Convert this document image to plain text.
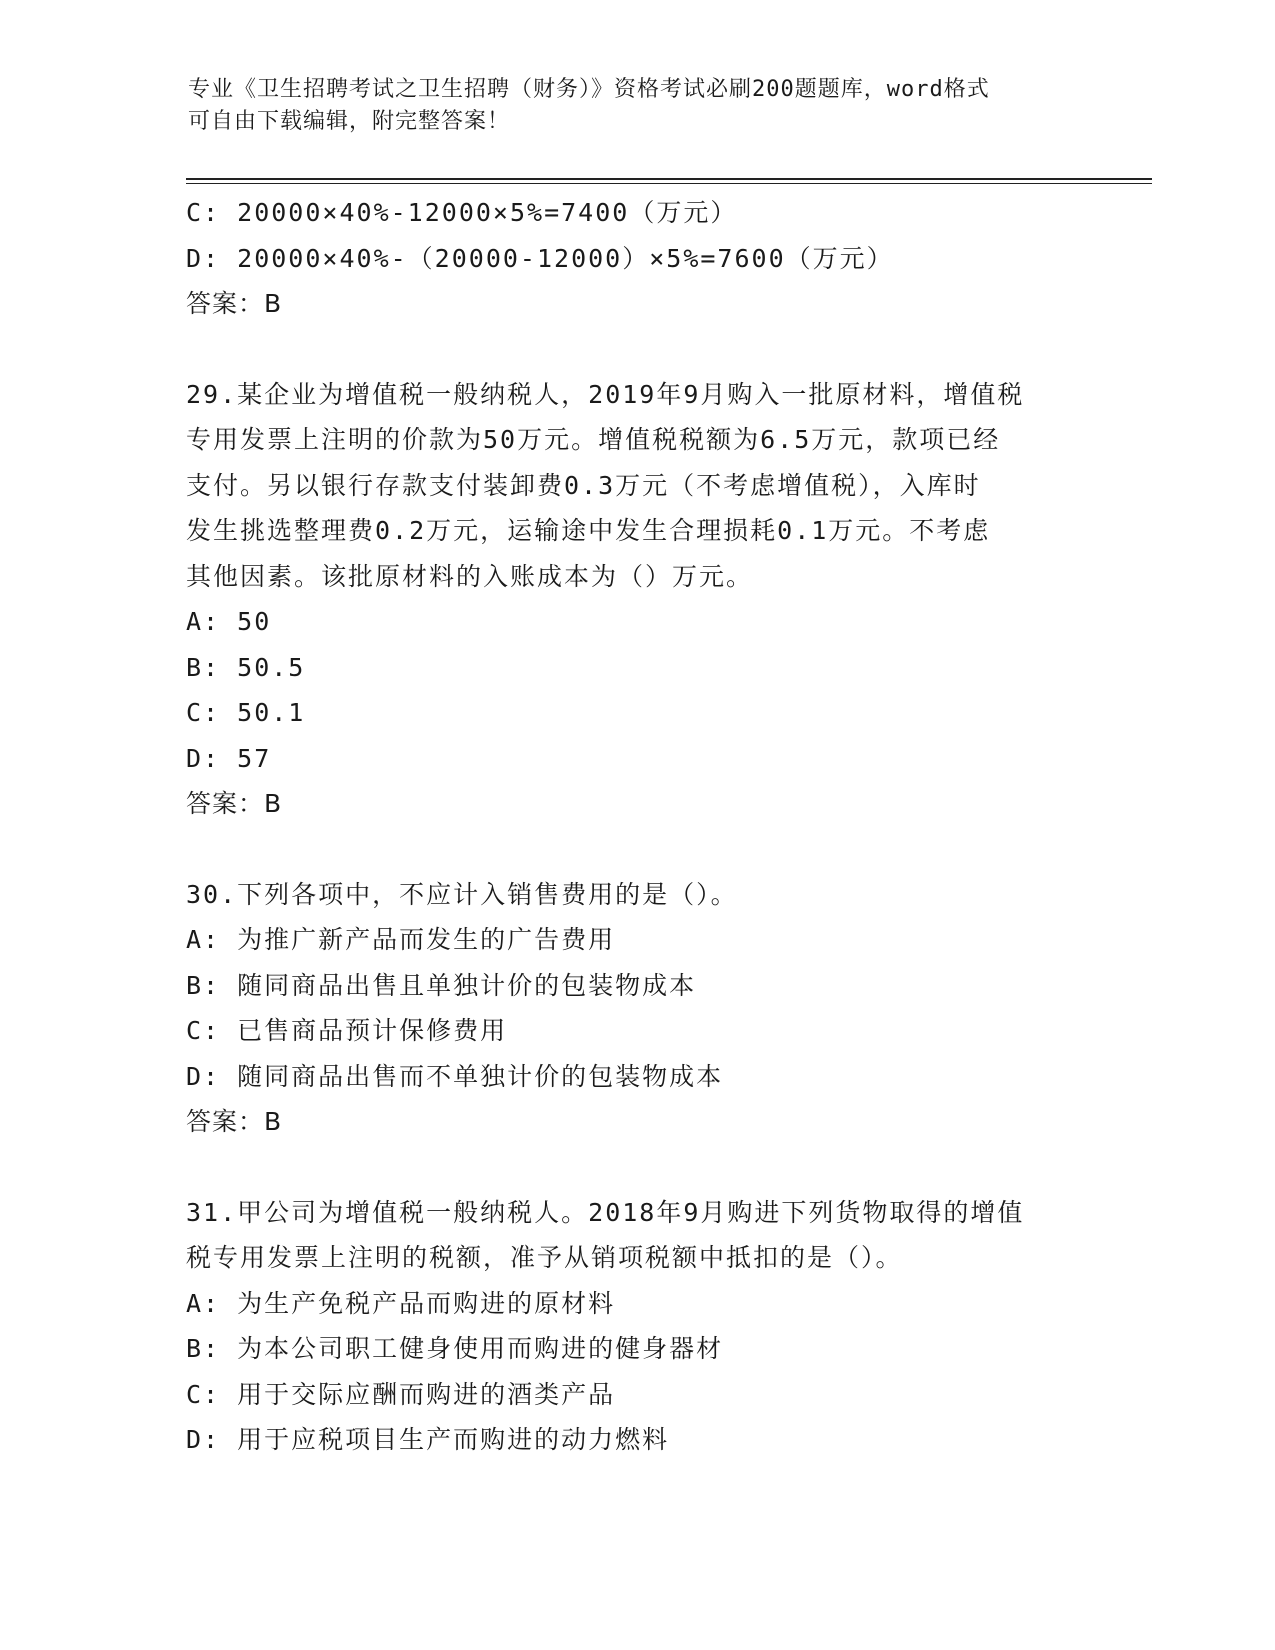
专业《卫生招聘考试之卫生招聘（财务）》资格考试必刷200题题库，word格式
可自由下载编辑，附完整答案！
C: 20000×40%-12000×5%=7400（万元）
D: 20000×40%-（20000-12000）×5%=7600（万元）
答案：B
29.某企业为增值税一般纳税人，2019年9月购入一批原材料，增值税
专用发票上注明的价款为50万元。增值税税额为6.5万元，款项已经
支付。另以银行存款支付装卸费0.3万元（不考虑增值税），入库时
发生挑选整理费0.2万元，运输途中发生合理损耗0.1万元。不考虑
其他因素。该批原材料的入账成本为（）万元。
A: 50
B: 50.5
C: 50.1
D: 57
答案：B
30.下列各项中，不应计入销售费用的是（）。
A: 为推广新产品而发生的广告费用
B: 随同商品出售且单独计价的包装物成本
C: 已售商品预计保修费用
D: 随同商品出售而不单独计价的包装物成本
答案：B
31.甲公司为增值税一般纳税人。2018年9月购进下列货物取得的增值
税专用发票上注明的税额，准予从销项税额中抵扣的是（）。
A: 为生产免税产品而购进的原材料
B: 为本公司职工健身使用而购进的健身器材
C: 用于交际应酬而购进的酒类产品
D: 用于应税项目生产而购进的动力燃料
